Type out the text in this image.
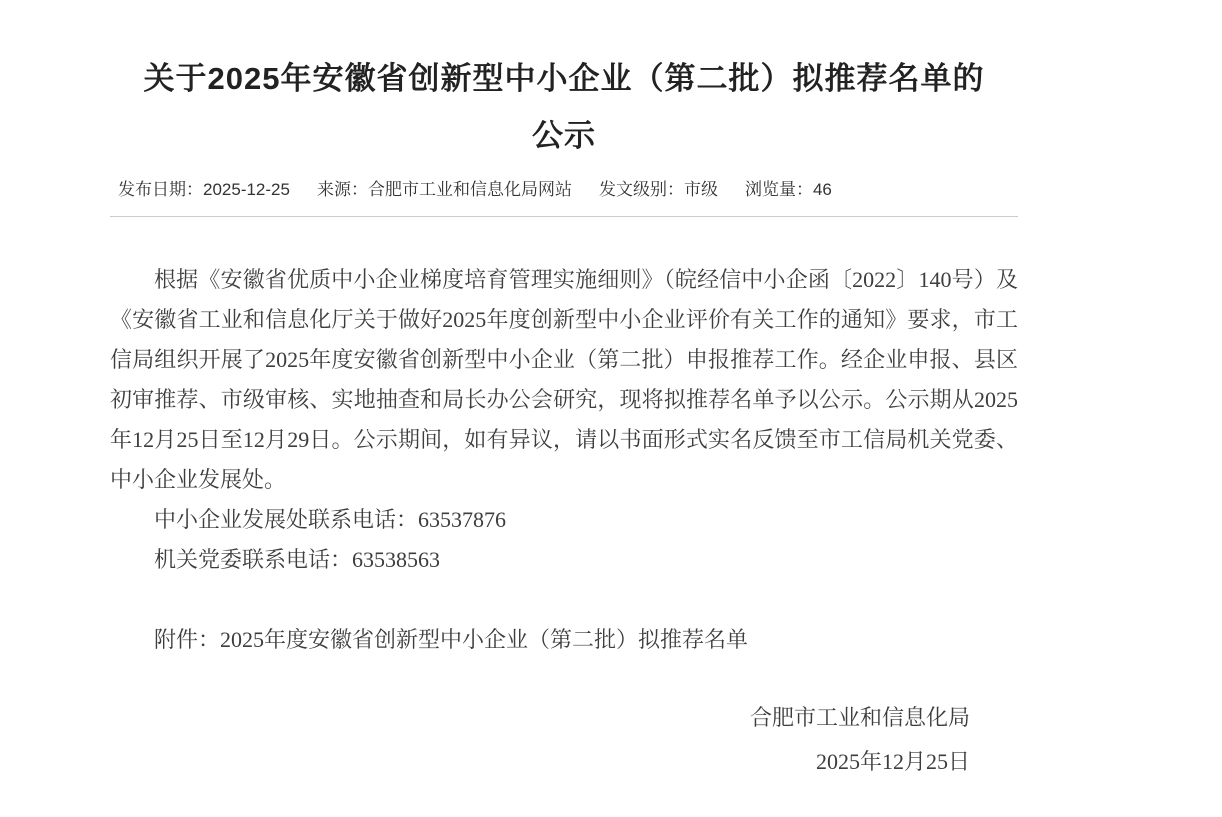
关于2025年安徽省创新型中小企业（第二批）拟推荐名单的
公示
发布日期：2025-12-25 来源：合肥市工业和信息化局网站 发文级别：市级 浏览量：46

根据《安徽省优质中小企业梯度培育管理实施细则》（皖经信中小企函〔2022〕140号）及《安徽省工业和信息化厅关于做好2025年度创新型中小企业评价有关工作的通知》要求，市工信局组织开展了2025年度安徽省创新型中小企业（第二批）申报推荐工作。经企业申报、县区初审推荐、市级审核、实地抽查和局长办公会研究，现将拟推荐名单予以公示。公示期从2025年12月25日至12月29日。公示期间，如有异议，请以书面形式实名反馈至市工信局机关党委、中小企业发展处。

中小企业发展处联系电话：63537876

机关党委联系电话：63538563

附件：2025年度安徽省创新型中小企业（第二批）拟推荐名单

合肥市工业和信息化局
2025年12月25日
